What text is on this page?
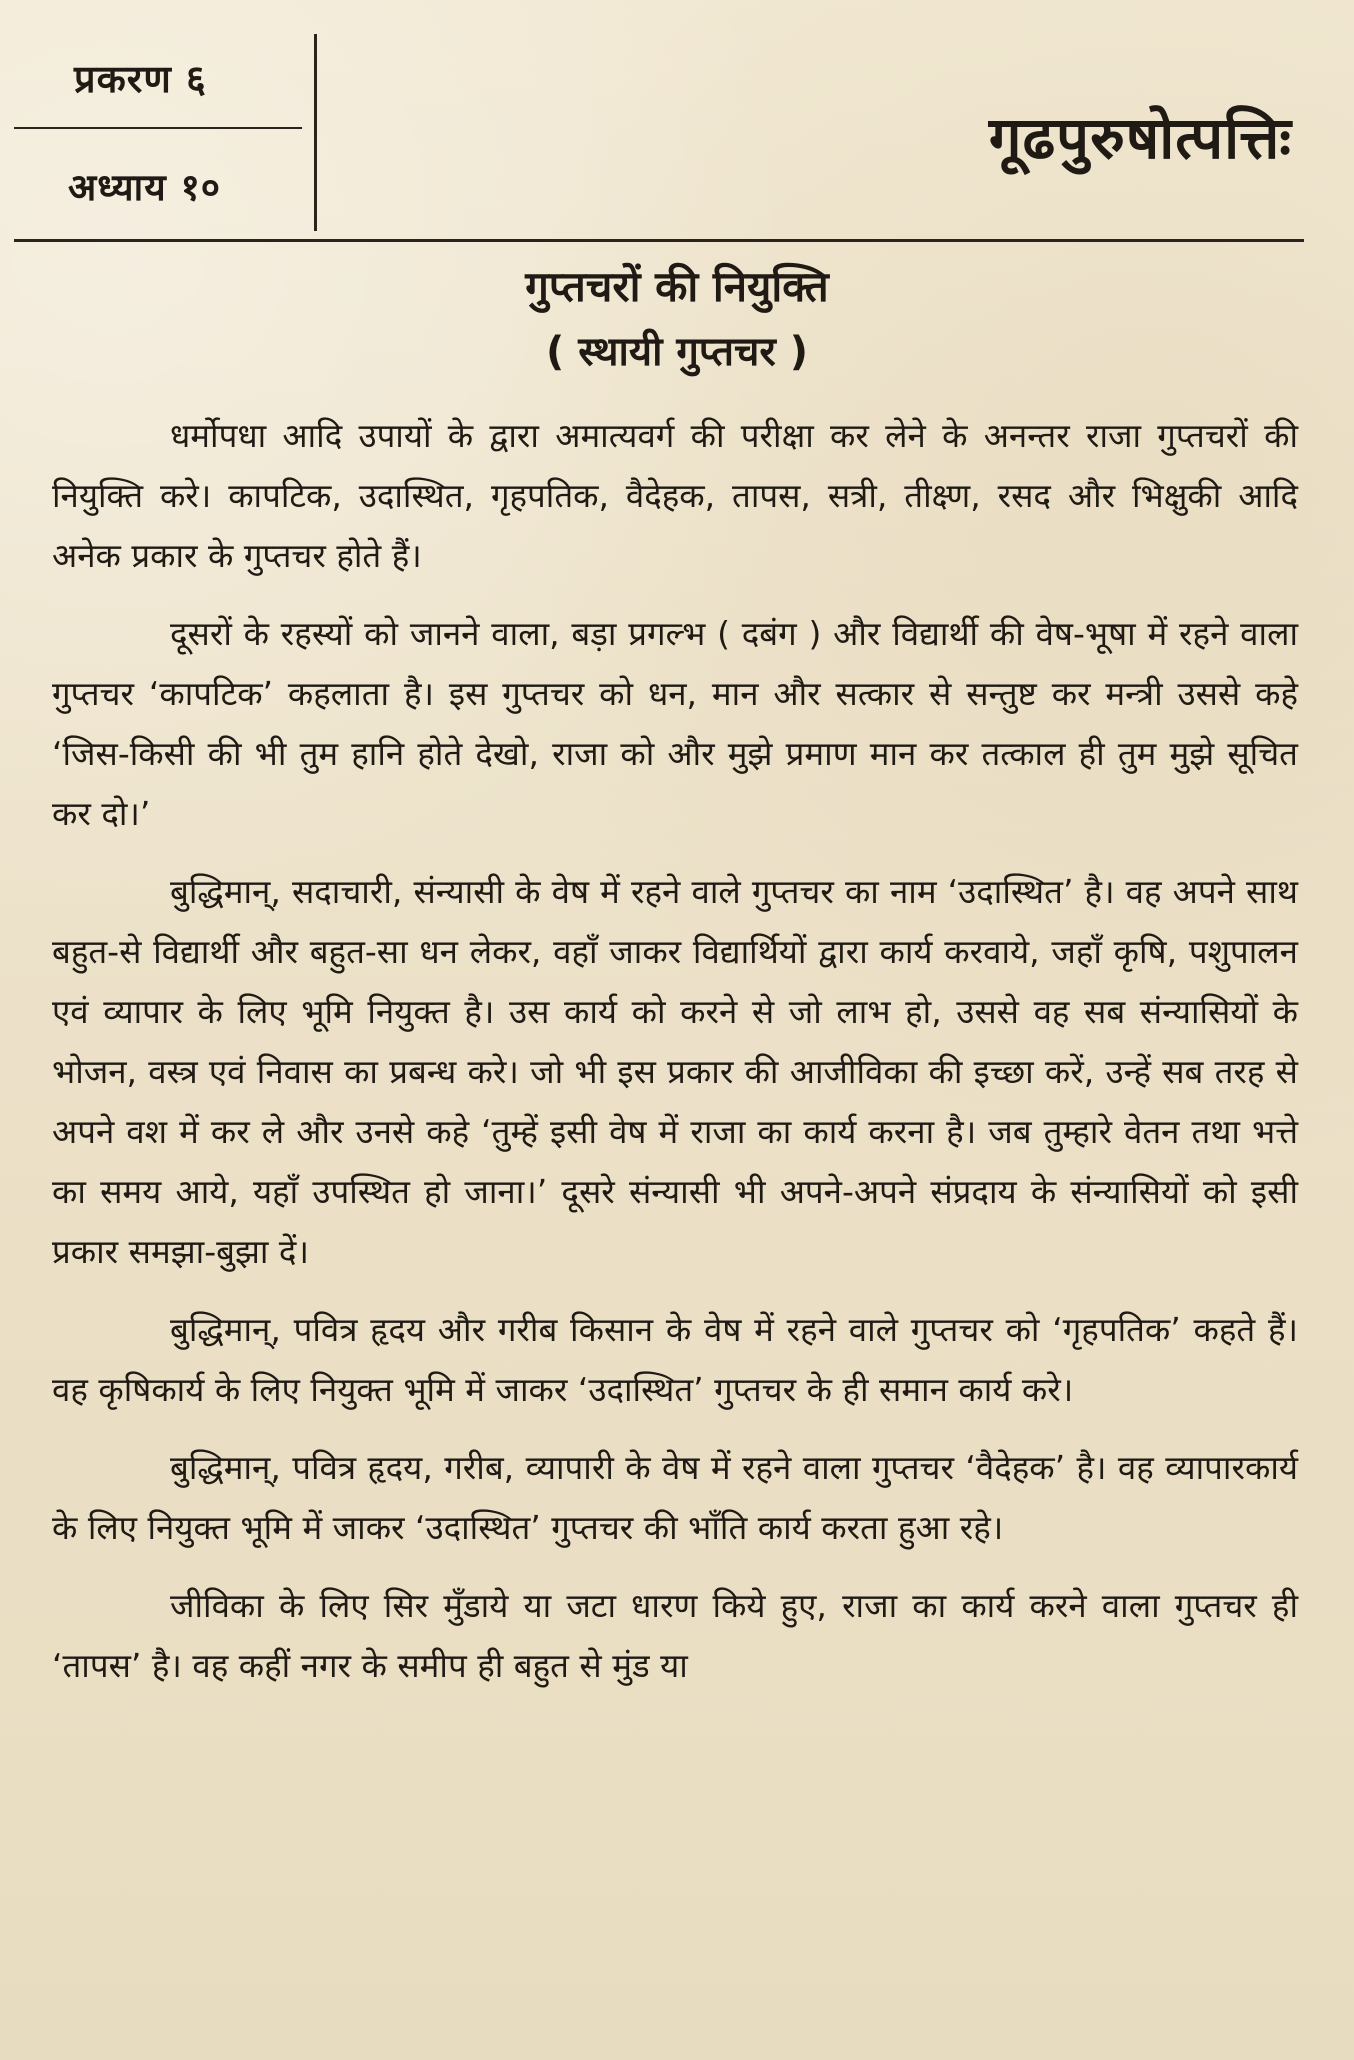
प्रकरण ६
अध्याय १०
गूढपुरुषोत्पत्तिः
गुप्तचरों की नियुक्ति
( स्थायी गुप्तचर )

धर्मोपधा आदि उपायों के द्वारा अमात्यवर्ग की परीक्षा कर लेने के अनन्तर राजा गुप्तचरों की नियुक्ति करे। कापटिक, उदास्थित, गृहपतिक, वैदेहक, तापस, सत्री, तीक्ष्ण, रसद और भिक्षुकी आदि अनेक प्रकार के गुप्तचर होते हैं।

दूसरों के रहस्यों को जानने वाला, बड़ा प्रगल्भ ( दबंग ) और विद्यार्थी की वेष-भूषा में रहने वाला गुप्तचर ‘कापटिक’ कहलाता है। इस गुप्तचर को धन, मान और सत्कार से सन्तुष्ट कर मन्त्री उससे कहे ‘जिस-किसी की भी तुम हानि होते देखो, राजा को और मुझे प्रमाण मान कर तत्काल ही तुम मुझे सूचित कर दो।’

बुद्धिमान्, सदाचारी, संन्यासी के वेष में रहने वाले गुप्तचर का नाम ‘उदास्थित’ है। वह अपने साथ बहुत-से विद्यार्थी और बहुत-सा धन लेकर, वहाँ जाकर विद्यार्थियों द्वारा कार्य करवाये, जहाँ कृषि, पशुपालन एवं व्यापार के लिए भूमि नियुक्त है। उस कार्य को करने से जो लाभ हो, उससे वह सब संन्यासियों के भोजन, वस्त्र एवं निवास का प्रबन्ध करे। जो भी इस प्रकार की आजीविका की इच्छा करें, उन्हें सब तरह से अपने वश में कर ले और उनसे कहे ‘तुम्हें इसी वेष में राजा का कार्य करना है। जब तुम्हारे वेतन तथा भत्ते का समय आये, यहाँ उपस्थित हो जाना।’ दूसरे संन्यासी भी अपने-अपने संप्रदाय के संन्यासियों को इसी प्रकार समझा-बुझा दें।

बुद्धिमान्, पवित्र हृदय और गरीब किसान के वेष में रहने वाले गुप्तचर को ‘गृहपतिक’ कहते हैं। वह कृषिकार्य के लिए नियुक्त भूमि में जाकर ‘उदास्थित’ गुप्तचर के ही समान कार्य करे।

बुद्धिमान्, पवित्र हृदय, गरीब, व्यापारी के वेष में रहने वाला गुप्तचर ‘वैदेहक’ है। वह व्यापारकार्य के लिए नियुक्त भूमि में जाकर ‘उदास्थित’ गुप्तचर की भाँति कार्य करता हुआ रहे।

जीविका के लिए सिर मुँडाये या जटा धारण किये हुए, राजा का कार्य करने वाला गुप्तचर ही ‘तापस’ है। वह कहीं नगर के समीप ही बहुत से मुंड या
